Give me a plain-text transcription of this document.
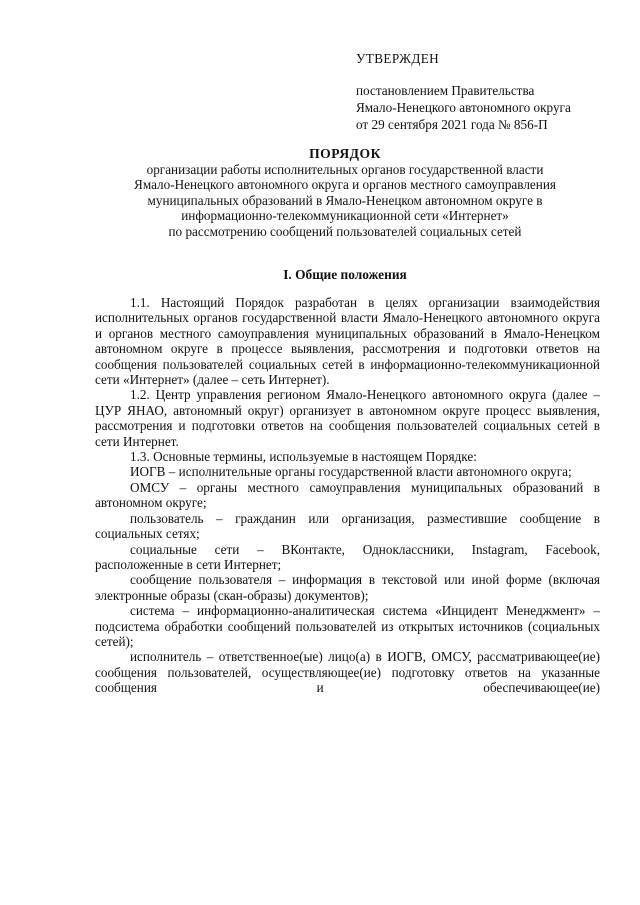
УТВЕРЖДЕН
постановлением Правительства
Ямало-Ненецкого автономного округа
от 29 сентября 2021 года № 856-П
ПОРЯДОК
организации работы исполнительных органов государственной власти
Ямало-Ненецкого автономного округа и органов местного самоуправления
муниципальных образований в Ямало-Ненецком автономном округе в
информационно-телекоммуникационной сети «Интернет»
по рассмотрению сообщений пользователей социальных сетей
I. Общие положения

1.1. Настоящий Порядок разработан в целях организации взаимодействия исполнительных органов государственной власти Ямало-Ненецкого автономного округа и органов местного самоуправления муниципальных образований в Ямало-Ненецком автономном округе в процессе выявления, рассмотрения и подготовки ответов на сообщения пользователей социальных сетей в информационно-телекоммуникационной сети «Интернет» (далее – сеть Интернет).

1.2. Центр управления регионом Ямало-Ненецкого автономного округа (далее – ЦУР ЯНАО, автономный округ) организует в автономном округе процесс выявления, рассмотрения и подготовки ответов на сообщения пользователей социальных сетей в сети Интернет.

1.3. Основные термины, используемые в настоящем Порядке:

ИОГВ – исполнительные органы государственной власти автономного округа;

ОМСУ – органы местного самоуправления муниципальных образований в автономном округе;

пользователь – гражданин или организация, разместившие сообщение в социальных сетях;

социальные сети – ВКонтакте, Одноклассники, Instagram, Facebook, расположенные в сети Интернет;

сообщение пользователя – информация в текстовой или иной форме (включая электронные образы (скан-образы) документов);

система – информационно-аналитическая система «Инцидент Менеджмент» – подсистема обработки сообщений пользователей из открытых источников (социальных сетей);

исполнитель – ответственное(ые) лицо(а) в ИОГВ, ОМСУ, рассматривающее(ие) сообщения пользователей, осуществляющее(ие) подготовку ответов на указанные сообщения и обеспечивающее(ие)
